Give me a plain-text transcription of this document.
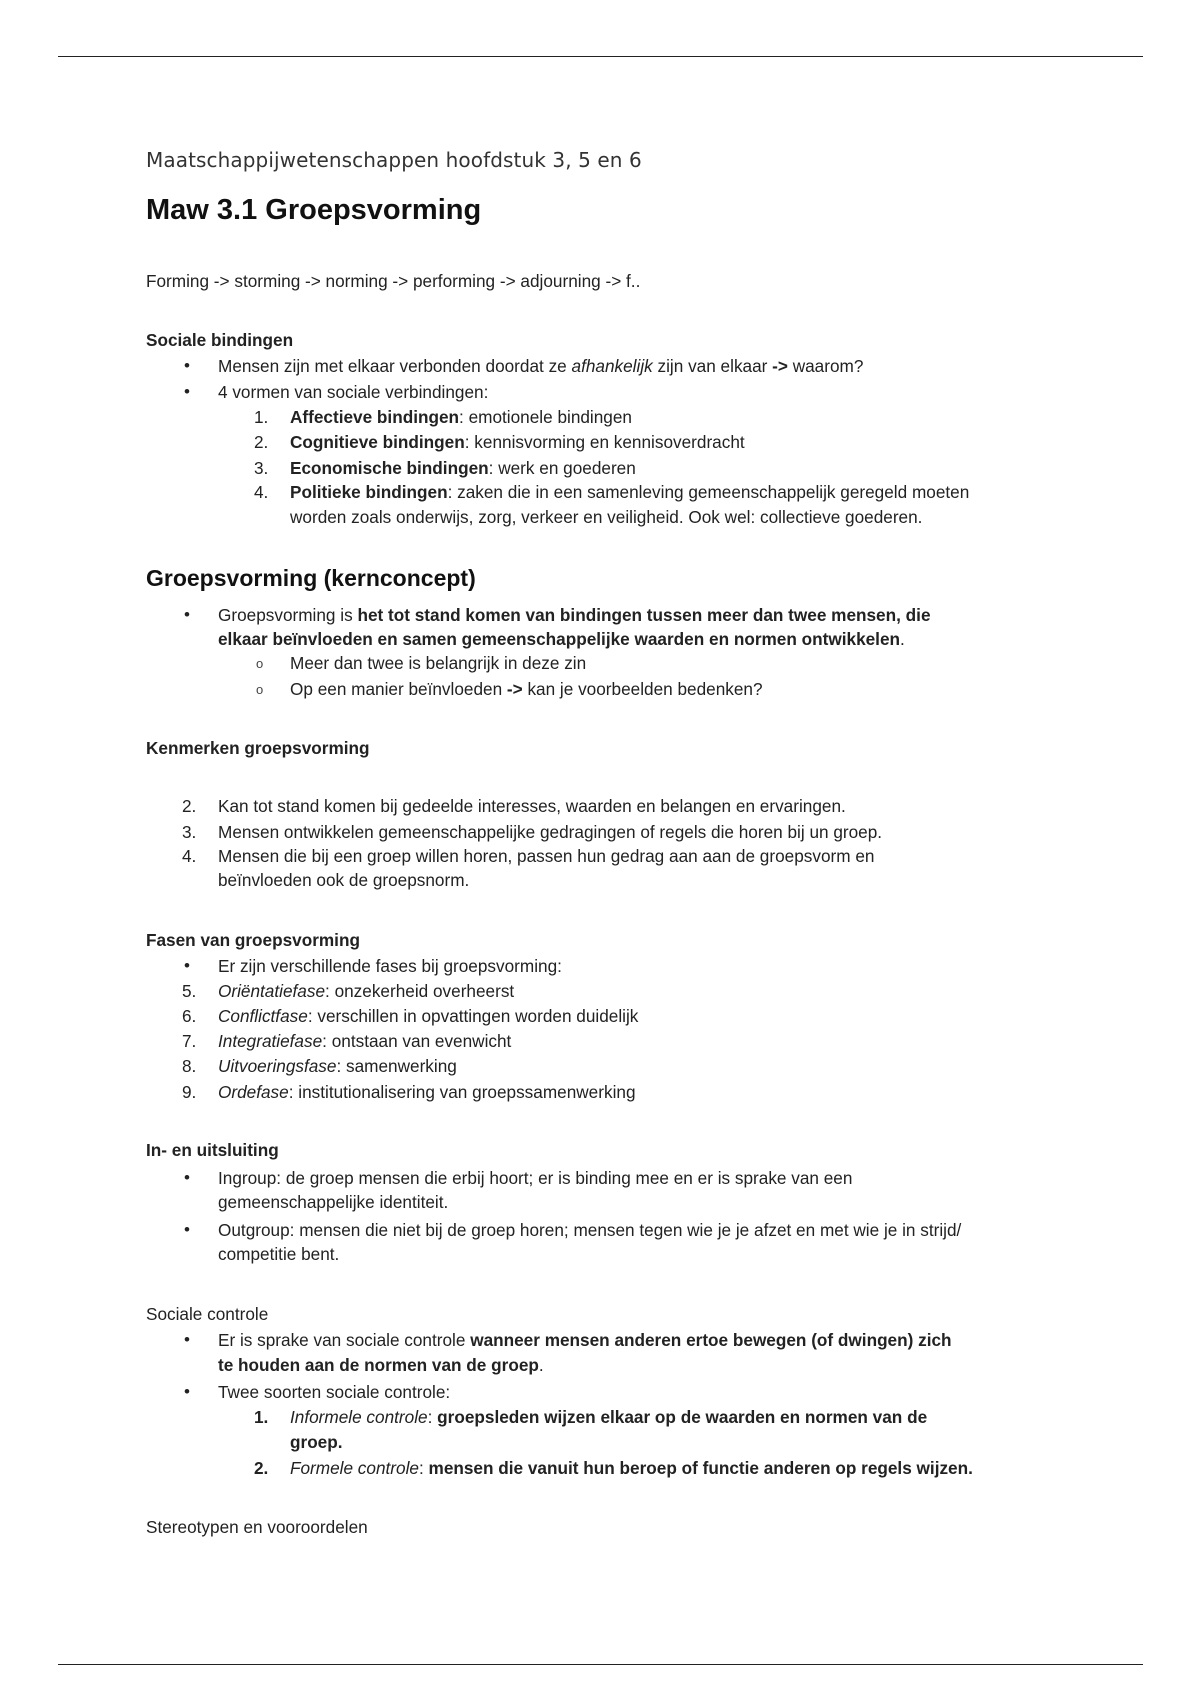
Maatschappijwetenschappen hoofdstuk 3, 5 en 6
Maw 3.1 Groepsvorming
Forming -> storming -> norming -> performing -> adjourning -> f..
Sociale bindingen
• Mensen zijn met elkaar verbonden doordat ze afhankelijk zijn van elkaar -> waarom?
• 4 vormen van sociale verbindingen:
1. Affectieve bindingen: emotionele bindingen
2. Cognitieve bindingen: kennisvorming en kennisoverdracht
3. Economische bindingen: werk en goederen
4. Politieke bindingen: zaken die in een samenleving gemeenschappelijk geregeld moeten
worden zoals onderwijs, zorg, verkeer en veiligheid. Ook wel: collectieve goederen.
Groepsvorming (kernconcept)
• Groepsvorming is het tot stand komen van bindingen tussen meer dan twee mensen, die
elkaar beïnvloeden en samen gemeenschappelijke waarden en normen ontwikkelen.
o Meer dan twee is belangrijk in deze zin
o Op een manier beïnvloeden -> kan je voorbeelden bedenken?
Kenmerken groepsvorming
2. Kan tot stand komen bij gedeelde interesses, waarden en belangen en ervaringen.
3. Mensen ontwikkelen gemeenschappelijke gedragingen of regels die horen bij un groep.
4. Mensen die bij een groep willen horen, passen hun gedrag aan aan de groepsvorm en
beïnvloeden ook de groepsnorm.
Fasen van groepsvorming
• Er zijn verschillende fases bij groepsvorming:
5. Oriëntatiefase: onzekerheid overheerst
6. Conflictfase: verschillen in opvattingen worden duidelijk
7. Integratiefase: ontstaan van evenwicht
8. Uitvoeringsfase: samenwerking
9. Ordefase: institutionalisering van groepssamenwerking
In- en uitsluiting
• Ingroup: de groep mensen die erbij hoort; er is binding mee en er is sprake van een
gemeenschappelijke identiteit.
• Outgroup: mensen die niet bij de groep horen; mensen tegen wie je je afzet en met wie je in strijd/
competitie bent.
Sociale controle
• Er is sprake van sociale controle wanneer mensen anderen ertoe bewegen (of dwingen) zich
te houden aan de normen van de groep.
• Twee soorten sociale controle:
1. Informele controle: groepsleden wijzen elkaar op de waarden en normen van de
groep.
2. Formele controle: mensen die vanuit hun beroep of functie anderen op regels wijzen.
Stereotypen en vooroordelen
